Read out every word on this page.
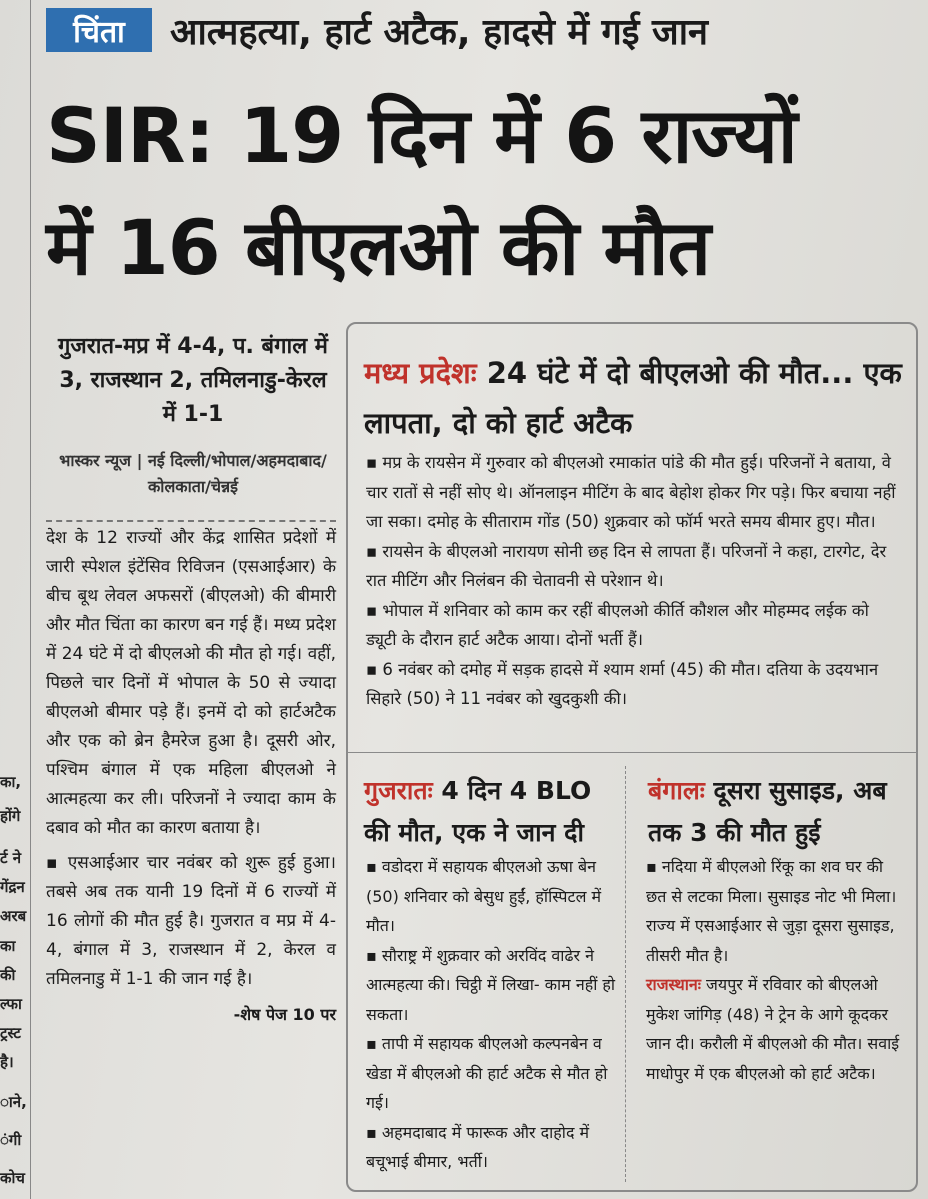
का,
होंगे
र्ट ने
गेंद्रन
अरब
का
की
ल्फा
ट्रस्ट
है।
ाने,
ंगी
कोच
चिंता	आत्महत्या, हार्ट अटैक, हादसे में गई जान
SIR: 19 दिन में 6 राज्यों
में 16 बीएलओ की मौत
गुजरात-मप्र में 4-4, प. बंगाल में 3, राजस्थान 2, तमिलनाडु-केरल में 1-1
भास्कर न्यूज | नई दिल्ली/भोपाल/अहमदाबाद/कोलकाता/चेन्नई

देश के 12 राज्यों और केंद्र शासित प्रदेशों में जारी स्पेशल इंटेंसिव रिविजन (एसआईआर) के बीच बूथ लेवल अफसरों (बीएलओ) की बीमारी और मौत चिंता का कारण बन गई हैं। मध्य प्रदेश में 24 घंटे में दो बीएलओ की मौत हो गई। वहीं, पिछले चार दिनों में भोपाल के 50 से ज्यादा बीएलओ बीमार पड़े हैं। इनमें दो को हार्टअटैक और एक को ब्रेन हैमरेज हुआ है। दूसरी ओर, पश्चिम बंगाल में एक महिला बीएलओ ने आत्महत्या कर ली। परिजनों ने ज्यादा काम के दबाव को मौत का कारण बताया है।

▪ एसआईआर चार नवंबर को शुरू हुई हुआ। तबसे अब तक यानी 19 दिनों में 6 राज्यों में 16 लोगों की मौत हुई है। गुजरात व मप्र में 4-4, बंगाल में 3, राजस्थान में 2, केरल व तमिलनाडु में 1-1 की जान गई है।

-शेष पेज 10 पर
मध्य प्रदेशः 24 घंटे में दो बीएलओ की मौत... एक लापता, दो को हार्ट अटैक

▪ मप्र के रायसेन में गुरुवार को बीएलओ रमाकांत पांडे की मौत हुई। परिजनों ने बताया, वे चार रातों से नहीं सोए थे। ऑनलाइन मीटिंग के बाद बेहोश होकर गिर पड़े। फिर बचाया नहीं जा सका। दमोह के सीताराम गोंड (50) शुक्रवार को फॉर्म भरते समय बीमार हुए। मौत।

▪ रायसेन के बीएलओ नारायण सोनी छह दिन से लापता हैं। परिजनों ने कहा, टारगेट, देर रात मीटिंग और निलंबन की चेतावनी से परेशान थे।

▪ भोपाल में शनिवार को काम कर रहीं बीएलओ कीर्ति कौशल और मोहम्मद लईक को ड्यूटी के दौरान हार्ट अटैक आया। दोनों भर्ती हैं।

▪ 6 नवंबर को दमोह में सड़क हादसे में श्याम शर्मा (45) की मौत। दतिया के उदयभान सिहारे (50) ने 11 नवंबर को खुदकुशी की।

गुजरातः 4 दिन 4 BLO की मौत, एक ने जान दी

▪ वडोदरा में सहायक बीएलओ ऊषा बेन (50) शनिवार को बेसुध हुईं, हॉस्पिटल में मौत।

▪ सौराष्ट्र में शुक्रवार को अरविंद वाढेर ने आत्महत्या की। चिट्ठी में लिखा- काम नहीं हो सकता।

▪ तापी में सहायक बीएलओ कल्पनबेन व खेडा में बीएलओ की हार्ट अटैक से मौत हो गई।

▪ अहमदाबाद में फारूक और दाहोद में बचूभाई बीमार, भर्ती।

बंगालः दूसरा सुसाइड, अब तक 3 की मौत हुई

▪ नदिया में बीएलओ रिंकू का शव घर की छत से लटका मिला। सुसाइड नोट भी मिला। राज्य में एसआईआर से जुड़ा दूसरा सुसाइड, तीसरी मौत है।

राजस्थानः जयपुर में रविवार को बीएलओ मुकेश जांगिड़ (48) ने ट्रेन के आगे कूदकर जान दी। करौली में बीएलओ की मौत। सवाई माधोपुर में एक बीएलओ को हार्ट अटैक।
